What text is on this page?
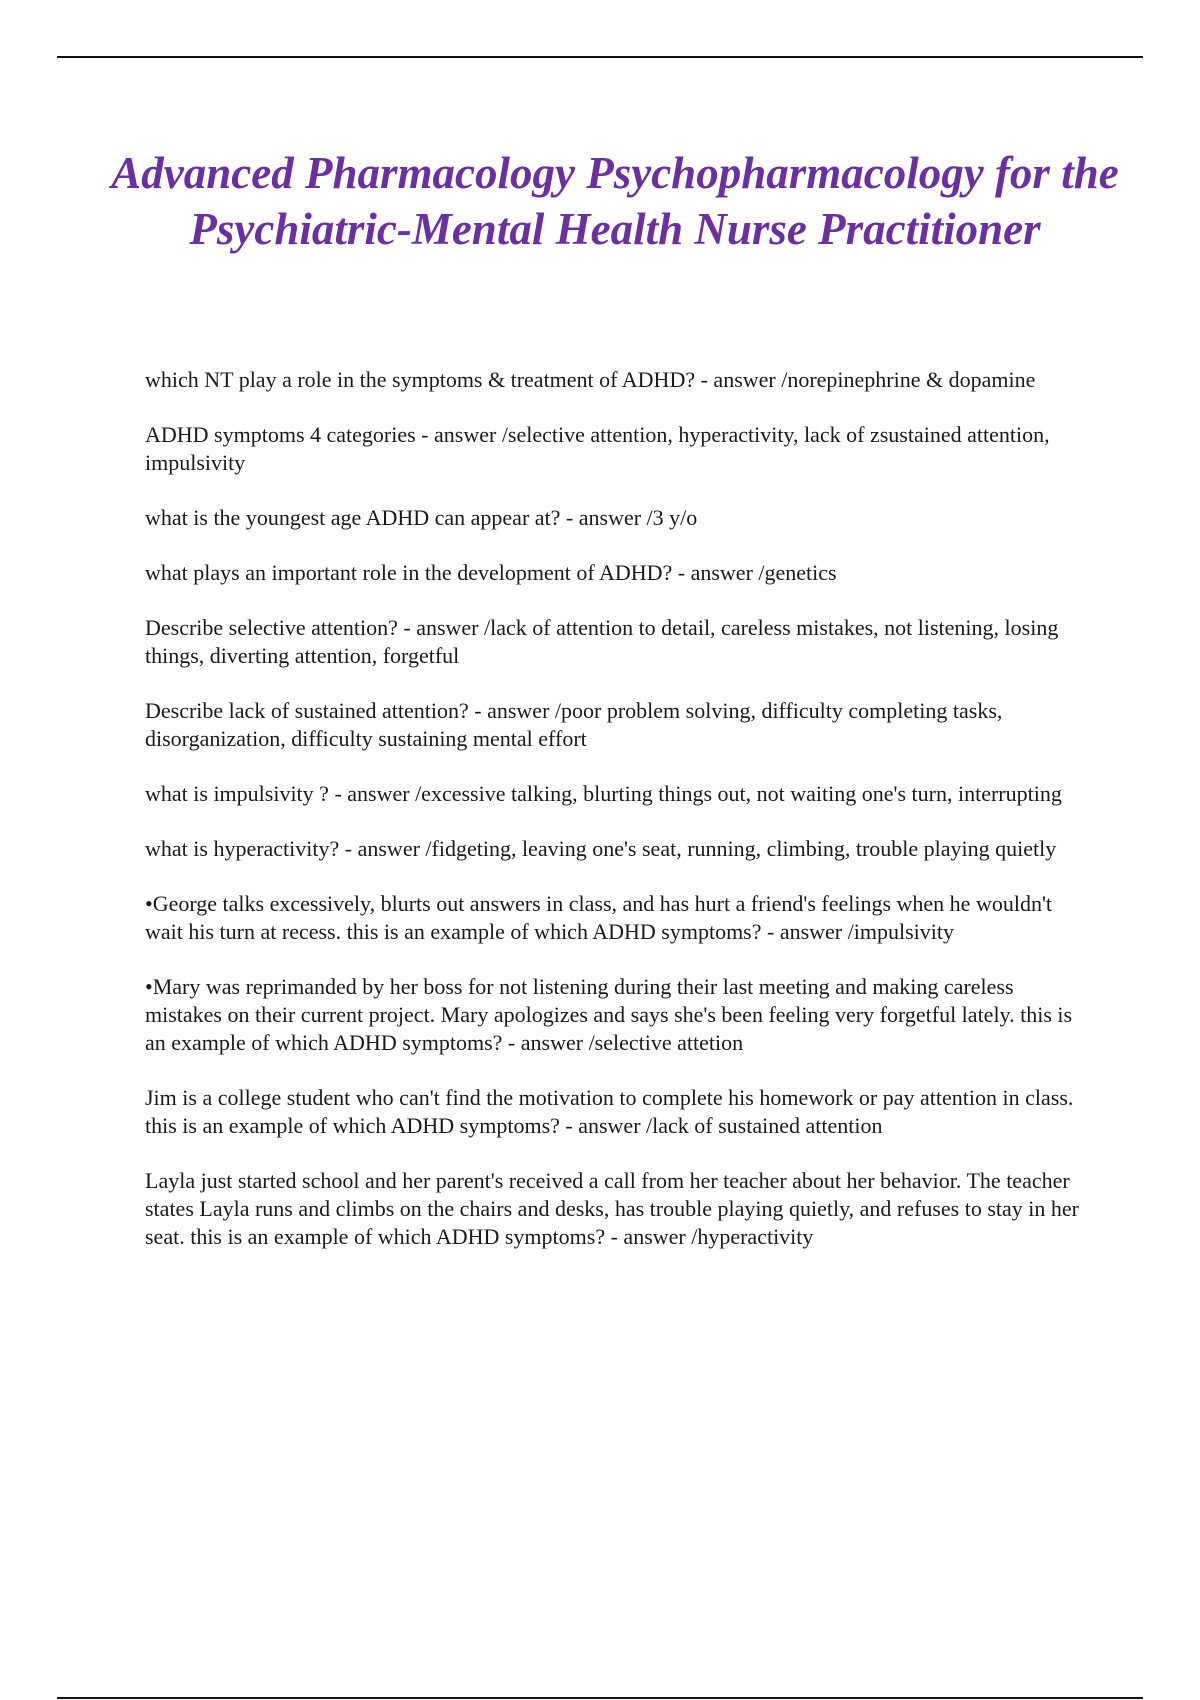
Advanced Pharmacology Psychopharmacology for the Psychiatric-Mental Health Nurse Practitioner
which NT play a role in the symptoms & treatment of ADHD? - answer /norepinephrine & dopamine
ADHD symptoms 4 categories - answer /selective attention, hyperactivity, lack of zsustained attention, impulsivity
what is the youngest age ADHD can appear at? - answer /3 y/o
what plays an important role in the development of ADHD? - answer /genetics
Describe selective attention? - answer /lack of attention to detail, careless mistakes, not listening, losing things, diverting attention, forgetful
Describe lack of sustained attention? - answer /poor problem solving, difficulty completing tasks, disorganization, difficulty sustaining mental effort
what is impulsivity ? - answer /excessive talking, blurting things out, not waiting one's turn, interrupting
what is hyperactivity? - answer /fidgeting, leaving one's seat, running, climbing, trouble playing quietly
•George talks excessively, blurts out answers in class, and has hurt a friend's feelings when he wouldn't wait his turn at recess. this is an example of which ADHD symptoms? - answer /impulsivity
•Mary was reprimanded by her boss for not listening during their last meeting and making careless mistakes on their current project. Mary apologizes and says she's been feeling very forgetful lately. this is an example of which ADHD symptoms? - answer /selective attetion
Jim is a college student who can't find the motivation to complete his homework or pay attention in class. this is an example of which ADHD symptoms? - answer /lack of sustained attention
Layla just started school and her parent's received a call from her teacher about her behavior. The teacher states Layla runs and climbs on the chairs and desks, has trouble playing quietly, and refuses to stay in her seat. this is an example of which ADHD symptoms? - answer /hyperactivity
